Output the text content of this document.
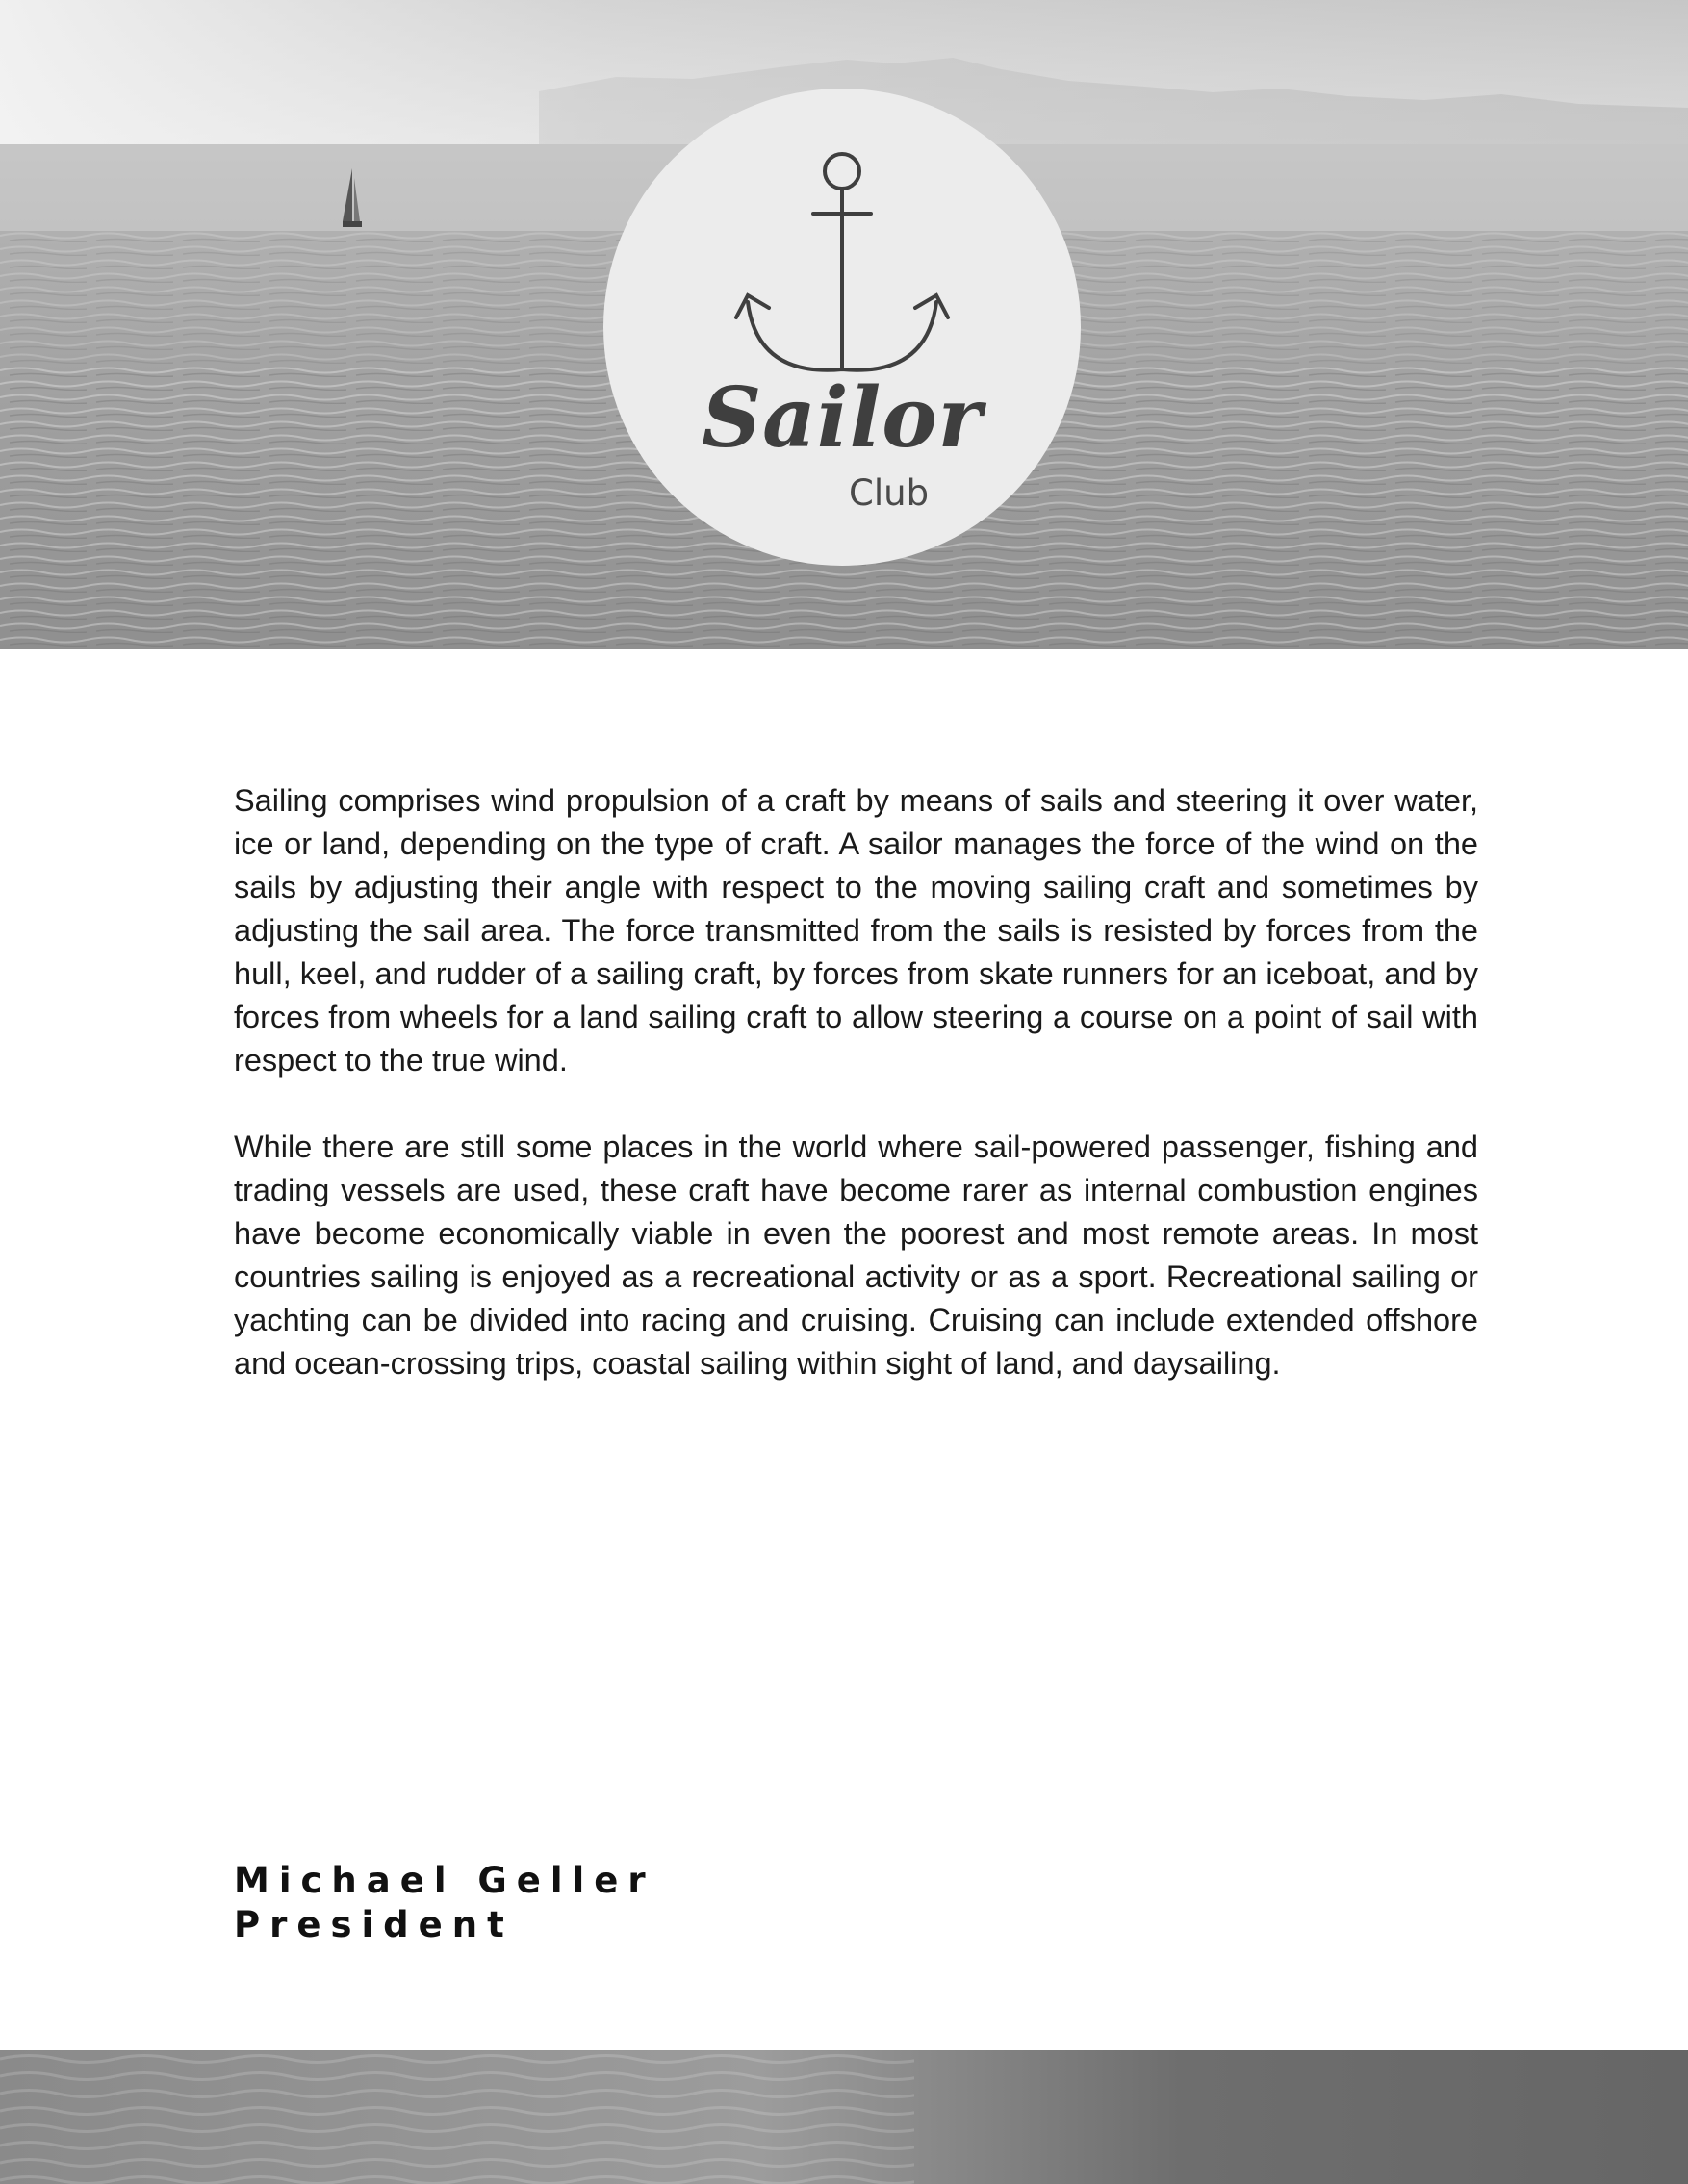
Sailor
Club

Sailing comprises wind propulsion of a craft by means of sails and steering it over water, ice or land, depending on the type of craft. A sailor manages the force of the wind on the sails by adjusting their angle with respect to the moving sailing craft and sometimes by adjusting the sail area. The force transmitted from the sails is resisted by forces from the hull, keel, and rudder of a sailing craft, by forces from skate runners for an iceboat, and by forces from wheels for a land sailing craft to allow steering a course on a point of sail with respect to the true wind.

While there are still some places in the world where sail-powered passenger, fishing and trading vessels are used, these craft have become rarer as internal combustion engines have become economically viable in even the poorest and most remote areas. In most countries sailing is enjoyed as a recreational activity or as a sport. Recreational sailing or yachting can be divided into racing and cruising. Cruising can include extended offshore and ocean-crossing trips, coastal sailing within sight of land, and daysailing.

Michael Geller
President
